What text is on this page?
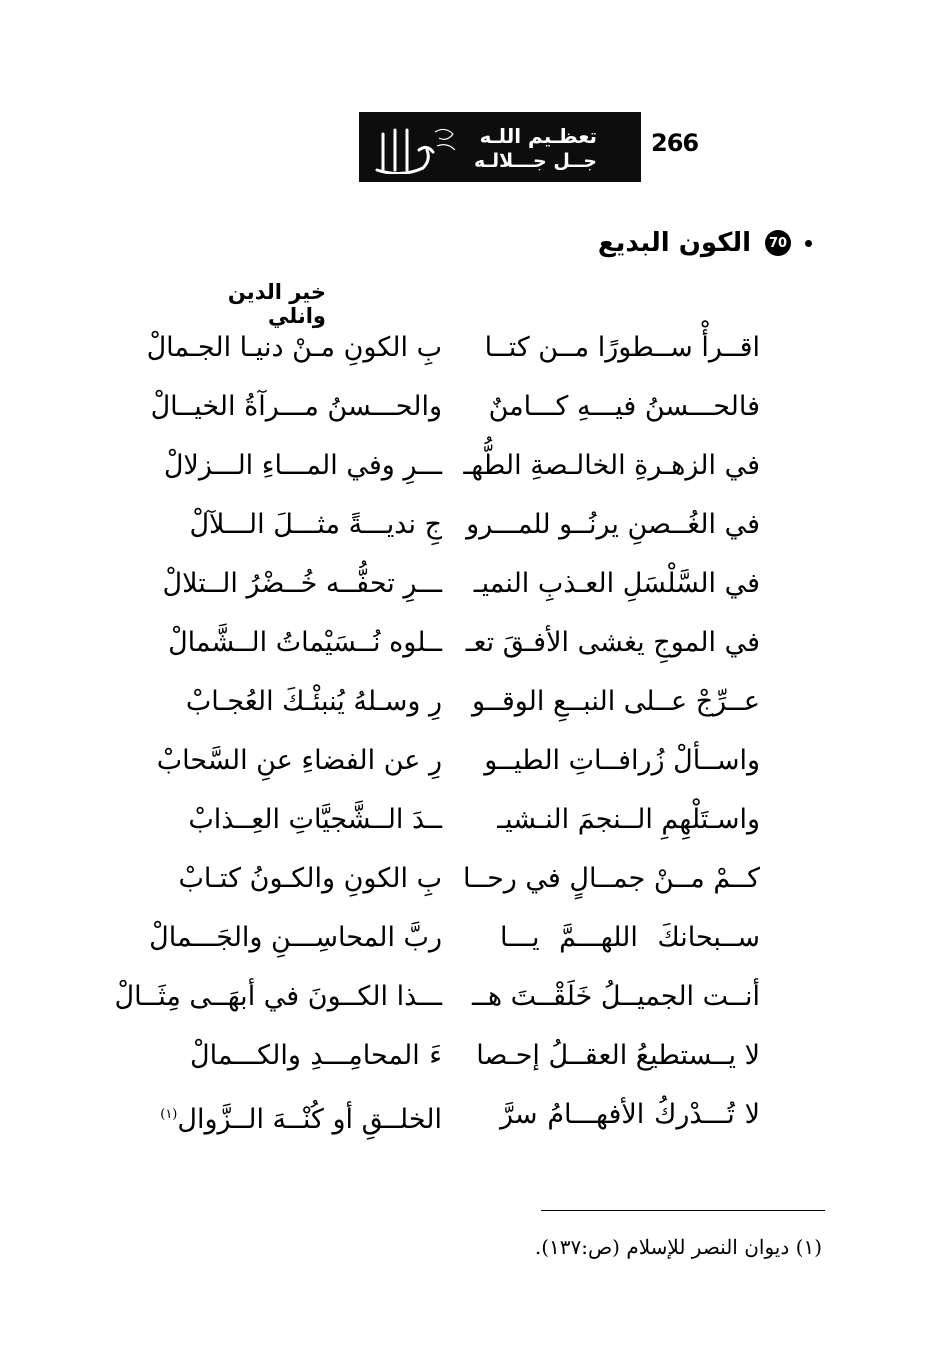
تعظـيم اللـه
جــل جـــلالـه
266
70
الكون البديع
خير الدين وانلي
اقــرأْ ســطورًا مــن كتــا
بِ الكونِ مـنْ دنيـا الجـمالْ
فالحـــسنُ فيـــهِ كـــامنٌ
والحـــسنُ مـــرآةُ الخيــالْ
في الزهـرةِ الخالـصةِ الطُّهـ
ـــرِ وفي المـــاءِ الـــزلالْ
في الغُــصنِ يرنُــو للمـــرو
جِ نديـــةً مثـــلَ الـــلآلْ
في السَّلْسَلِ العـذبِ النميـ
ـــرِ تحفُّــه خُــضْرُ الــتلالْ
في الموجِ يغشى الأفـقَ تعـ
ــلوه نُــسَيْماتُ الــشَّمالْ
عــرِّجْ عــلى النبــعِ الوقــو
رِ وسـلهُ يُنبئْـكَ العُجـابْ
واســألْ زُرافــاتِ الطيــو
رِ عن الفضاءِ عنِ السَّحابْ
واسـتَلْهِمِ الــنجمَ النـشيـ
ــدَ الــشَّجيَّاتِ العِــذابْ
كــمْ مــنْ جمــالٍ في رحــا
بِ الكونِ والكـونُ كتـابْ
ســبحانكَ اللهـــمَّ يـــا
ربَّ المحاسِـــنِ والجَـــمالْ
أنــت الجميــلُ خَلَقْــتَ هــ
ـــذا الكــونَ في أبهَــى مِثَــالْ
لا يــستطيعُ العقــلُ إحـصا
ءَ المحامِـــدِ والكـــمالْ
لا تُـــدْركُ الأفهـــامُ سرَّ
الخلــقِ أو كُنْــهَ الــزَّوال$^{(١)}$
(١) ديوان النصر للإسلام (ص:١٣٧).
